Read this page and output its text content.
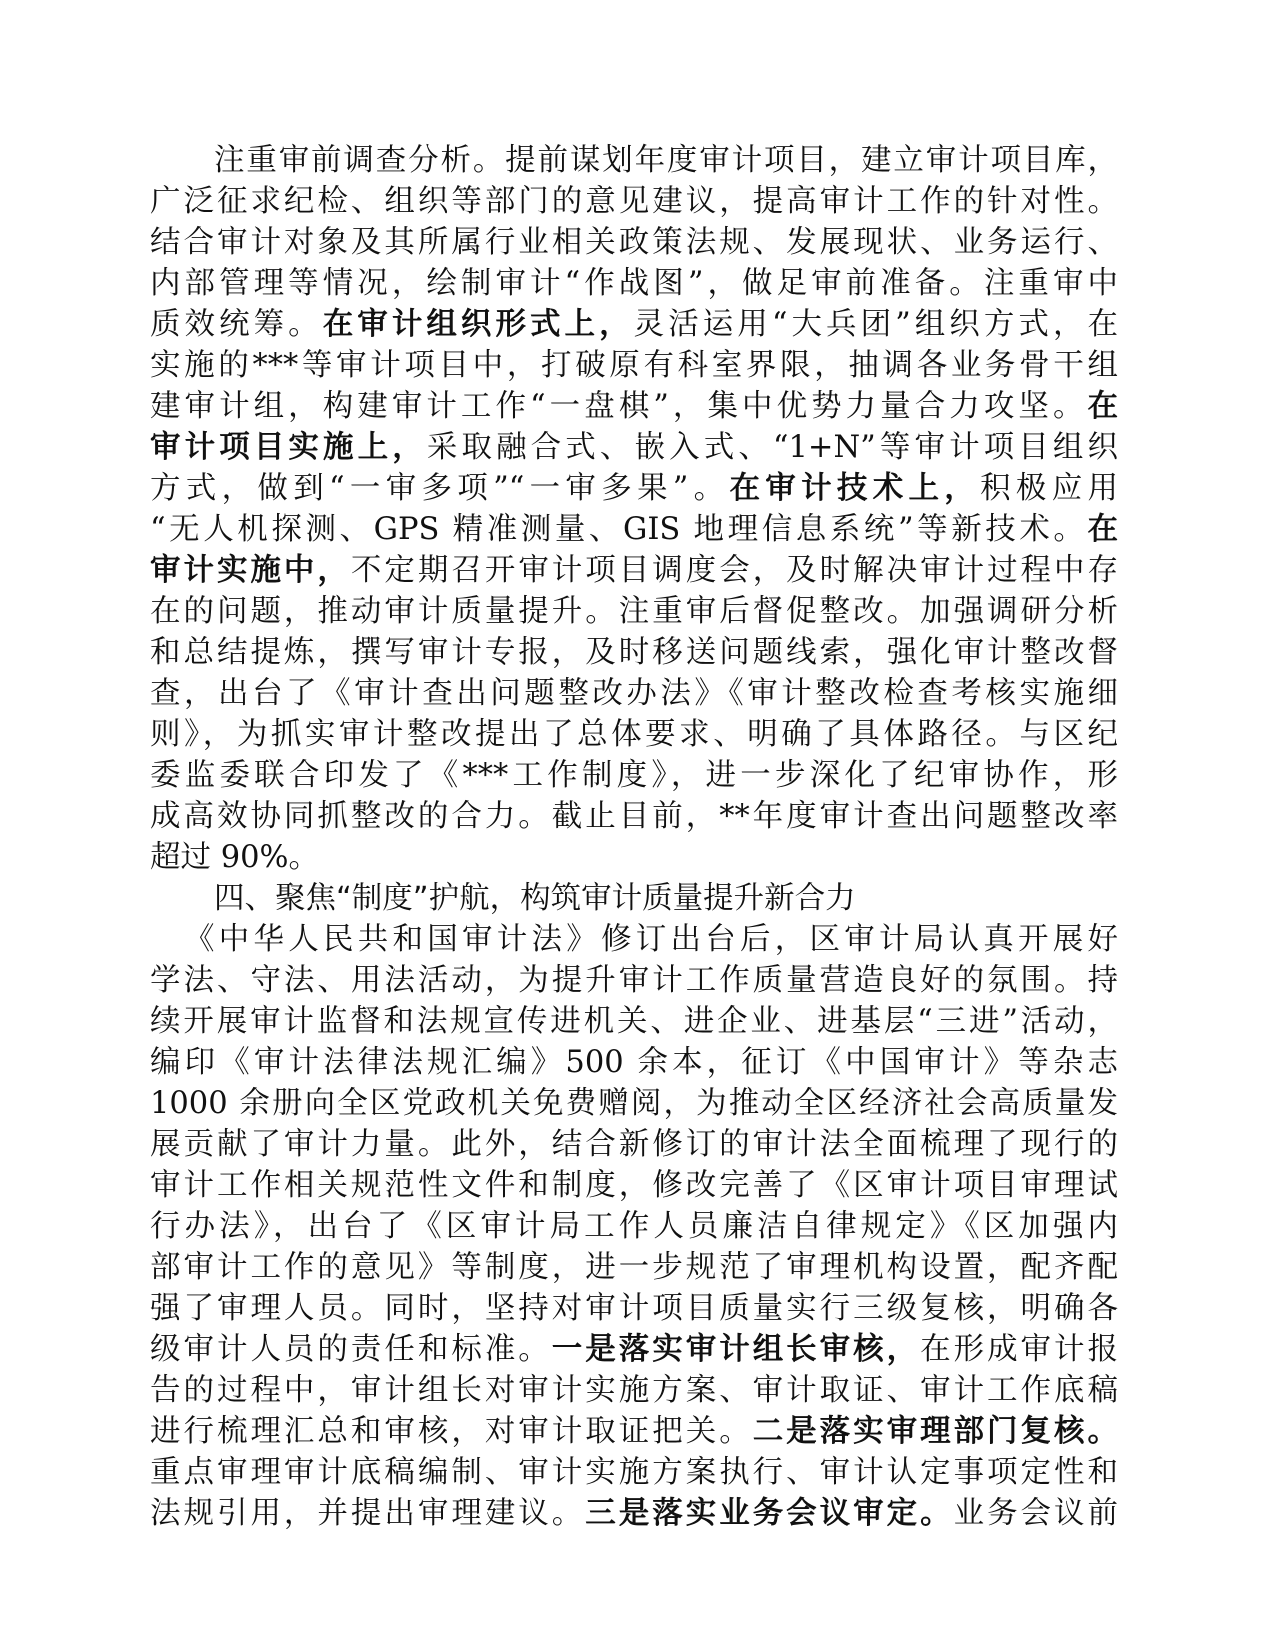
注重审前调查分析。提前谋划年度审计项目，建立审计项目库，
广泛征求纪检、组织等部门的意见建议，提高审计工作的针对性。
结合审计对象及其所属行业相关政策法规、发展现状、业务运行、
内部管理等情况，绘制审计“作战图”，做足审前准备。注重审中
质效统筹。在审计组织形式上，灵活运用“大兵团”组织方式，在
实施的***等审计项目中，打破原有科室界限，抽调各业务骨干组
建审计组，构建审计工作“一盘棋”，集中优势力量合力攻坚。在
审计项目实施上，采取融合式、嵌入式、“1+N”等审计项目组织
方式，做到“一审多项”“一审多果”。在审计技术上，积极应用
“无人机探测、GPS 精准测量、GIS 地理信息系统”等新技术。在
审计实施中，不定期召开审计项目调度会，及时解决审计过程中存
在的问题，推动审计质量提升。注重审后督促整改。加强调研分析
和总结提炼，撰写审计专报，及时移送问题线索，强化审计整改督
查，出台了《审计查出问题整改办法》《审计整改检查考核实施细
则》，为抓实审计整改提出了总体要求、明确了具体路径。与区纪
委监委联合印发了《***工作制度》，进一步深化了纪审协作，形
成高效协同抓整改的合力。截止目前，**年度审计查出问题整改率
超过 90%。
四、聚焦“制度”护航，构筑审计质量提升新合力
《中华人民共和国审计法》修订出台后，区审计局认真开展好
学法、守法、用法活动，为提升审计工作质量营造良好的氛围。持
续开展审计监督和法规宣传进机关、进企业、进基层“三进”活动，
编印《审计法律法规汇编》500 余本，征订《中国审计》等杂志
1000 余册向全区党政机关免费赠阅，为推动全区经济社会高质量发
展贡献了审计力量。此外，结合新修订的审计法全面梳理了现行的
审计工作相关规范性文件和制度，修改完善了《区审计项目审理试
行办法》，出台了《区审计局工作人员廉洁自律规定》《区加强内
部审计工作的意见》等制度，进一步规范了审理机构设置，配齐配
强了审理人员。同时，坚持对审计项目质量实行三级复核，明确各
级审计人员的责任和标准。一是落实审计组长审核，在形成审计报
告的过程中，审计组长对审计实施方案、审计取证、审计工作底稿
进行梳理汇总和审核，对审计取证把关。二是落实审理部门复核。
重点审理审计底稿编制、审计实施方案执行、审计认定事项定性和
法规引用，并提出审理建议。三是落实业务会议审定。业务会议前
